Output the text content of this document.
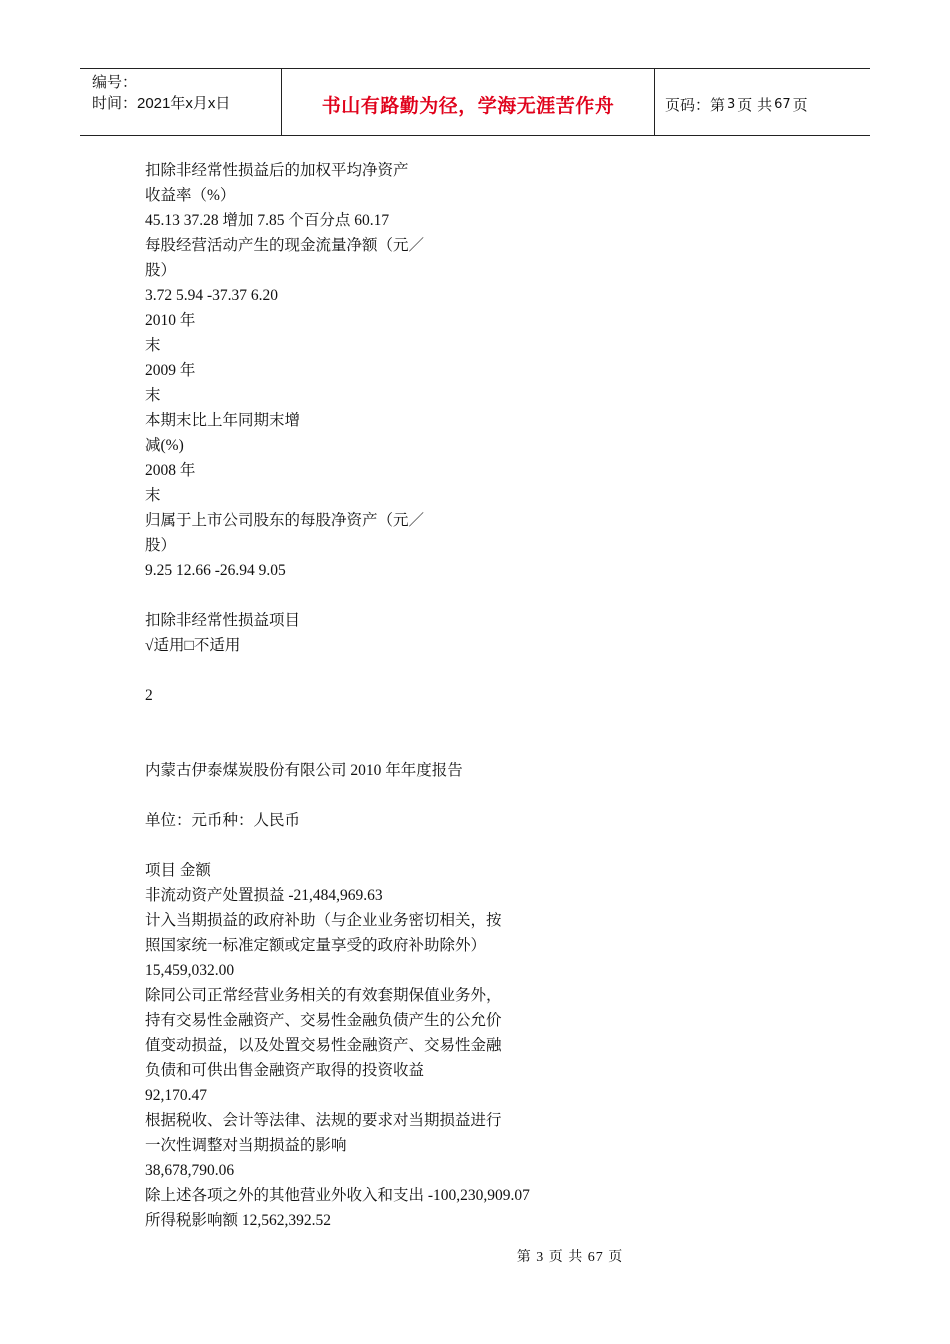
编号：
时间：2021年x月x日	书山有路勤为径，学海无涯苦作舟	页码：第 3 页 共 67 页
扣除非经常性损益后的加权平均净资产
收益率（%）
45.13 37.28 增加 7.85 个百分点 60.17
每股经营活动产生的现金流量净额（元／
股）
3.72 5.94 -37.37 6.20
2010 年
末
2009 年
末
本期末比上年同期末增
减(%)
2008 年
末
归属于上市公司股东的每股净资产（元／
股）
9.25 12.66 -26.94 9.05
扣除非经常性损益项目
√适用□不适用
2
内蒙古伊泰煤炭股份有限公司 2010 年年度报告
单位：元币种：人民币
项目 金额
非流动资产处置损益 -21,484,969.63
计入当期损益的政府补助（与企业业务密切相关，按
照国家统一标准定额或定量享受的政府补助除外）
15,459,032.00
除同公司正常经营业务相关的有效套期保值业务外，
持有交易性金融资产、交易性金融负债产生的公允价
值变动损益，以及处置交易性金融资产、交易性金融
负债和可供出售金融资产取得的投资收益
92,170.47
根据税收、会计等法律、法规的要求对当期损益进行
一次性调整对当期损益的影响
38,678,790.06
除上述各项之外的其他营业外收入和支出 -100,230,909.07
所得税影响额 12,562,392.52
第 3 页 共 67 页
